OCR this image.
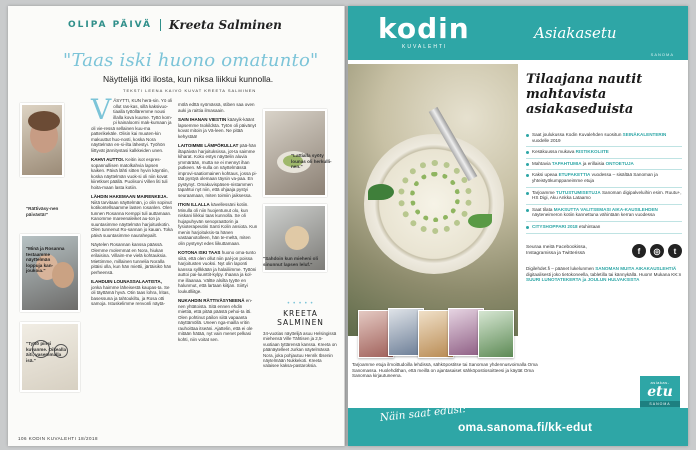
OLIPA PÄIVÄ Kreeta Salminen
"Taas iski huono omatunto"
Näyttelijä itki ilosta, kun niksa liikkui kunnolla.
TEKSTI LEENA KAIVO KUVAT KREETA SALMINEN
"Rättiväsy-nen päivästä!"
"Minä ja Rosanna testaamme näyttelmän loppuja kan-joukoia."
"Tyttö piirsi kuvanme. Oikealla äiti, vasemmalla isä."
"Lattialla syöty lounas oli herkulli-nen."
"Sahdoin kun mieheni oli sinunnut lapsen leluf."
V ÄSYTTI, KUN herä-sin. Yö oli ollut ras-kas, sillä kaksivuo-tiaalla tyttölläremme nousi illalla kova kuume. Tyttö kom-pi kainaloomi mak-kumaan ja oli vie-ressä sellainen kuu-ma patterikekäle. Olisin kai muuten-kin makuuttut huo-nosti, koska Nora näyttelmän en-si-ilta lähestyi. Työhön liittyvät jännitystasi kalkkeiden unen.

KAHVI AUTTOI. Keitin isot espres-sopannullisen matolkahvia lapsen kaiken. Päivä lähti sitten hyvin käyntiin, koska näyttelmän vuok-si oli niin kovat kiiretkset päällä. Puolisoni Villen liti tuli hoita-maan lasta kotiin.

LÄHDIN HAKEMAAN MAIRENKEJA. Niitä tarvitaan näyttelmän, jo olin sopinut kotikontellsaamme lasten rosanlen. Olen tunnen Rosanna Kemppi tuli auttamaan. Kanomme mareenaleiket au-ton ja suuntasimme näyttelmän harjoituskotin. Olen tunnenut Ro-sannan jo kauan. Toka päivä suuntasimme naurahepailt.

Näytelen Rosannan kanssa päässä. Olemme molemmat en Nora, hiukan erilaisina. Villaim-me vielä kohtauksia. Miettimme, millainen tunnelia Noralla pitäisi olla, kun hän miettii, järtäisikö hän perheensä.

ILAHDUIN LOUNASSALAATISTA, jonka haimme läheisestä kaupas-ta. Se oli täyttämä hyvä. Otin taas lohra, lritas, basessuna ja tahtoukiltu, ja Rosa otti samoja. Istuskelimme renvonli näytä-

mölä edttä syömässä, stiben saa oven auki ja raittia ilmasaain.

SAIN IHANAN VIESTIN kääryik-käänt lapsemme tsokildsta. Tytön oli päivänyt kovat mitoin ja Vä-leen. Ne pitää kehystää!

LAITOIMME LÄMPÖRULLAT pää-hän iltapäivän harjoituksissa, jot-ta saimme kiharat. Koko estys näyttelin aluvia ymmärään, mutta se ei mennyt ihan putkeen. Mi-nulla on näyttelmässä improvi-saatiomainen kohtaus, jossa pi-tää pystyä olemaan täysin va-paa. En pystynyt. Omakuvispäsen-nistammen tapahtui nyt niin, että ohjaaja pystyi seuraamaan, miten toimiin jaiksessa.

ITKIN ILLALLA kävellessäni kotiin. Minulla oli niin huojentunut olo, kun niskani liikkui taas kunnolla. Se oli hujapuhyvän senopraattorin ja fysioterapeutini Santi Kolin ansiota. Kun menin harjoituksis-ta hänen vastaanotolleen, hän te-meltä, miten olin pystynyt edes liikuttamaan.

KOTONA ISKI TAAS huono oma-tunto siitä, että olen ollut niin pal-jon poissa harjoitusten vuoksi. Nyt olin laponti kanssa syllkkään ja halailiimme. Tyttöni auttoi pai-luunttit-kylpy. Ihaana ja kol-me illaanaa. Vältte alsilta tyytte en halunmut, että lartaan kiitjan. Siirtyi loukutlliitge.

NUKAHDIN RÄTTIVÄSYNEENÄ en-nen yhtätoista. Sitä ennen ehdin miettiä, että pitää päästä pehoi-ta itti. Olen pohtinut päilon siitä vapaanta näyttämöllä. Uneen nga-mailla vritin rauhoittaa itseäni. Ajattelin, että ei ole mitään hätää, nyt vain menet pelkasi kohti, niin voitat sen.

• • • • •
KREETA SALMINEN
34-vuotias näyttelijä asuu Helsingissä miehensä Ville Tähtisen ja 2,5-vuotiaan tyttärensä kanssa. Kreeta on päänäytelleet Jurkan näytelmässä Nora, joka pohjautuu Henrik Ibsenin näytelmään Nukkekoti. Kreeta valaisee kaksa-pastaroksia.
106 KODIN KUVALEHTI 18/2018
kodin
KUVALEHTI
Asiakasetu
SANOMA
Tilaajana nautit mahtavista asiakaseduista
Saat joulukussa Kodin Kuvalehden suositun SEINÄKALENTERIN vuodelle 2019
Kesäkuussa mukava RISTIKKOLIITE
Mahtavia TAPAHTUMIA ja erillaisia ONTOETUJA
Kaksi upeaa ETUPAKETTIA vuodessa – sisältää Sanoman ja yhteistyökumppaneimme etuja
Tarjoamme TUTUSTUMISETUJA Sanoman digipalveluihin esim. Ruutu+, HS Digi, Aku Ankka Lataamo
Saat tilata MAKSUTTA VALITSEMASI AIKA-KAUSILEHDEN näyteneimeron kotiin kannettuna vähintään kerran vuodessa
CITYSHOPPARI 2018 etuhintaan
Seuraa meitä Facebookissa, Instagramissa ja Twitterissä	f	◎	t
Digilehdet.fi – päänet lukelunmen SANOMAN MUITA AIKAKAUSLEHTIÄ digitaalisesti joko tietokoneella, tabletilla tai kännykällä. Huom! Mukana KK:n SUURI LUNOTATEKERTA ja JOULUN HULVAKSISTA
Tarjoamme etuja ilmoittudoilla lehdissä, sähköpostitse tai Sanoman yhdennusvoimalla Oma Sanomassa. Huolehdithan, että meillä on ajantasaiset sähköpostiosoitteesi ja käytät Oma Sanomaa kirjautuneena.
asiakas-
etu
SANOMA
Näin saat edusi:
oma.sanoma.fi/kk-edut
